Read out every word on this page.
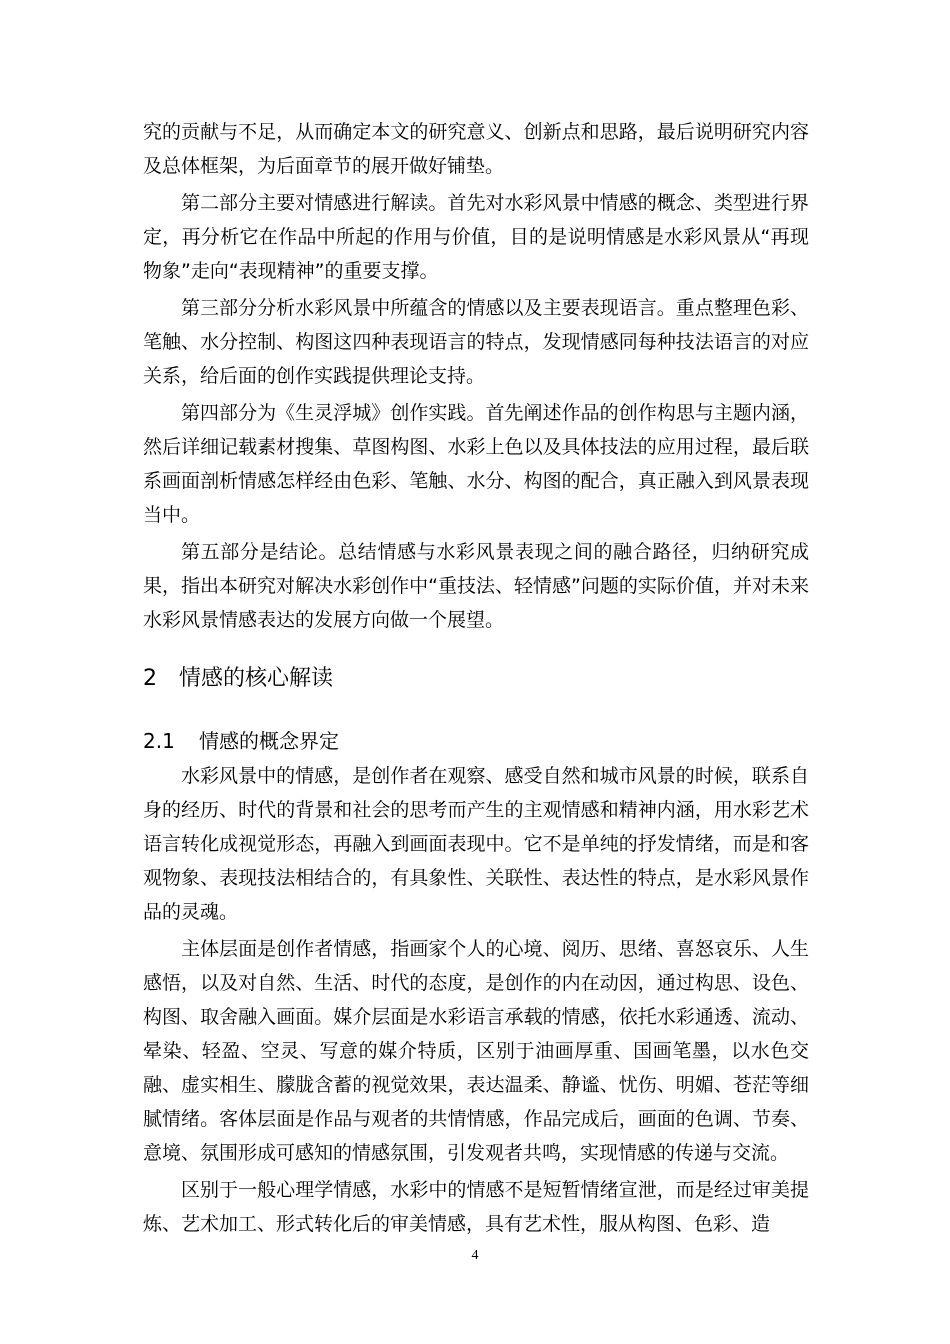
究的贡献与不足，从而确定本文的研究意义、创新点和思路，最后说明研究内容及总体框架，为后面章节的展开做好铺垫。

第二部分主要对情感进行解读。首先对水彩风景中情感的概念、类型进行界定，再分析它在作品中所起的作用与价值，目的是说明情感是水彩风景从“再现物象”走向“表现精神”的重要支撑。

第三部分分析水彩风景中所蕴含的情感以及主要表现语言。重点整理色彩、笔触、水分控制、构图这四种表现语言的特点，发现情感同每种技法语言的对应关系，给后面的创作实践提供理论支持。

第四部分为《生灵浮城》创作实践。首先阐述作品的创作构思与主题内涵，然后详细记载素材搜集、草图构图、水彩上色以及具体技法的应用过程，最后联系画面剖析情感怎样经由色彩、笔触、水分、构图的配合，真正融入到风景表现当中。

第五部分是结论。总结情感与水彩风景表现之间的融合路径，归纳研究成果，指出本研究对解决水彩创作中“重技法、轻情感”问题的实际价值，并对未来水彩风景情感表达的发展方向做一个展望。

2 情感的核心解读
2.1 情感的概念界定

水彩风景中的情感，是创作者在观察、感受自然和城市风景的时候，联系自身的经历、时代的背景和社会的思考而产生的主观情感和精神内涵，用水彩艺术语言转化成视觉形态，再融入到画面表现中。它不是单纯的抒发情绪，而是和客观物象、表现技法相结合的，有具象性、关联性、表达性的特点，是水彩风景作品的灵魂。

主体层面是创作者情感，指画家个人的心境、阅历、思绪、喜怒哀乐、人生感悟，以及对自然、生活、时代的态度，是创作的内在动因，通过构思、设色、构图、取舍融入画面。媒介层面是水彩语言承载的情感，依托水彩通透、流动、晕染、轻盈、空灵、写意的媒介特质，区别于油画厚重、国画笔墨，以水色交融、虚实相生、朦胧含蓄的视觉效果，表达温柔、静谧、忧伤、明媚、苍茫等细腻情绪。客体层面是作品与观者的共情情感，作品完成后，画面的色调、节奏、意境、氛围形成可感知的情感氛围，引发观者共鸣，实现情感的传递与交流。

区别于一般心理学情感，水彩中的情感不是短暂情绪宣泄，而是经过审美提炼、艺术加工、形式转化后的审美情感，具有艺术性，服从构图、色彩、造

4
